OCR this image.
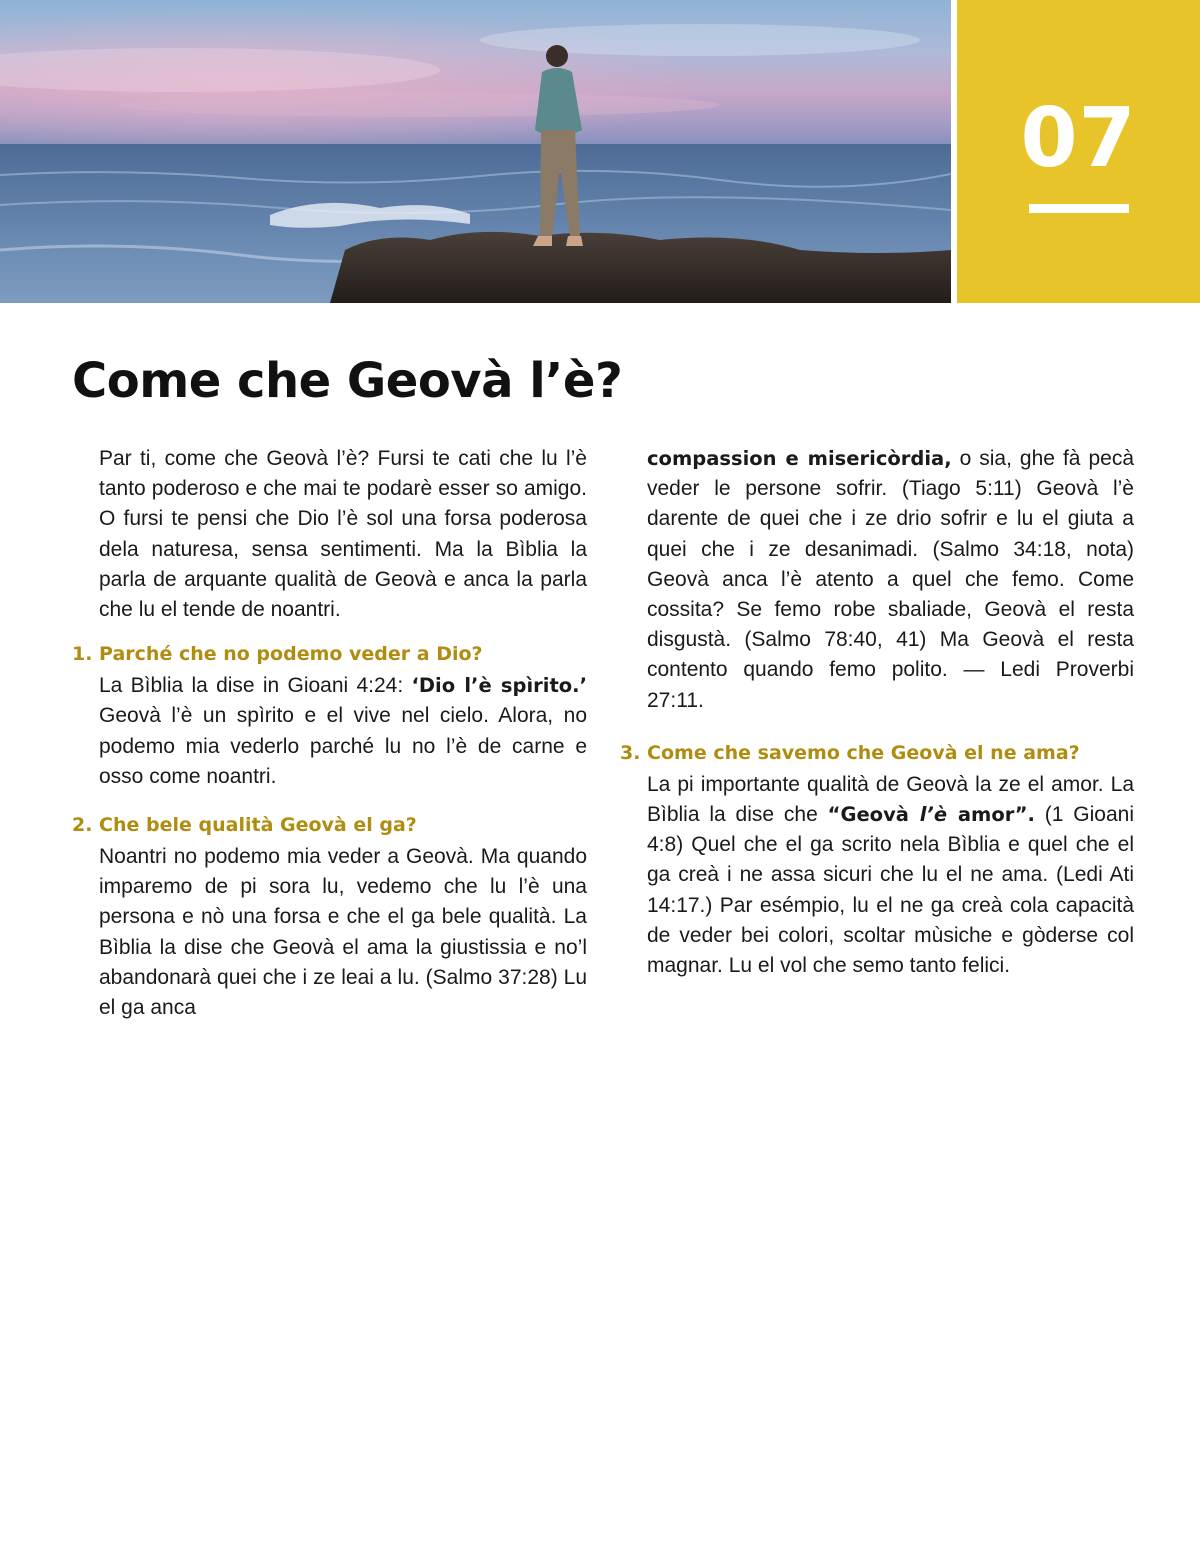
07
Come che Geovà l’è?

Par ti, come che Geovà l’è? Fursi te cati che lu l’è tanto poderoso e che mai te podarè esser so amigo. O fursi te pensi che Dio l’è sol una forsa poderosa dela naturesa, sensa sentimenti. Ma la Bìblia la parla de arquante qualità de Geovà e anca la parla che lu el tende de noantri.

1. Parché che no podemo veder a Dio?

La Bìblia la dise in Gioani 4:24: ‘Dio l’è spìrito.’ Geovà l’è un spìrito e el vive nel cielo. Alora, no podemo mia vederlo parché lu no l’è de carne e osso come noantri.

2. Che bele qualità Geovà el ga?

Noantri no podemo mia veder a Geovà. Ma quando imparemo de pi sora lu, vedemo che lu l’è una persona e nò una forsa e che el ga bele qualità. La Bìblia la dise che Geovà el ama la giustissia e no’l abandonarà quei che i ze leai a lu. (Salmo 37:28) Lu el ga anca

compassion e misericòrdia, o sia, ghe fà pecà veder le persone sofrir. (Tiago 5:11) Geovà l’è darente de quei che i ze drio sofrir e lu el giuta a quei che i ze desanimadi. (Salmo 34:18, nota) Geovà anca l’è atento a quel che femo. Come cossita? Se femo robe sbaliade, Geovà el resta disgustà. (Salmo 78:40, 41) Ma Geovà el resta contento quando femo polito. — Ledi Proverbi 27:11.

3. Come che savemo che Geovà el ne ama?

La pi importante qualità de Geovà la ze el amor. La Bìblia la dise che “Geovà l’è amor”. (1 Gioani 4:8) Quel che el ga scrito nela Bìblia e quel che el ga creà i ne assa sicuri che lu el ne ama. (Ledi Ati 14:17.) Par esémpio, lu el ne ga creà cola capacità de veder bei colori, scoltar mùsiche e gòderse col magnar. Lu el vol che semo tanto felici.
